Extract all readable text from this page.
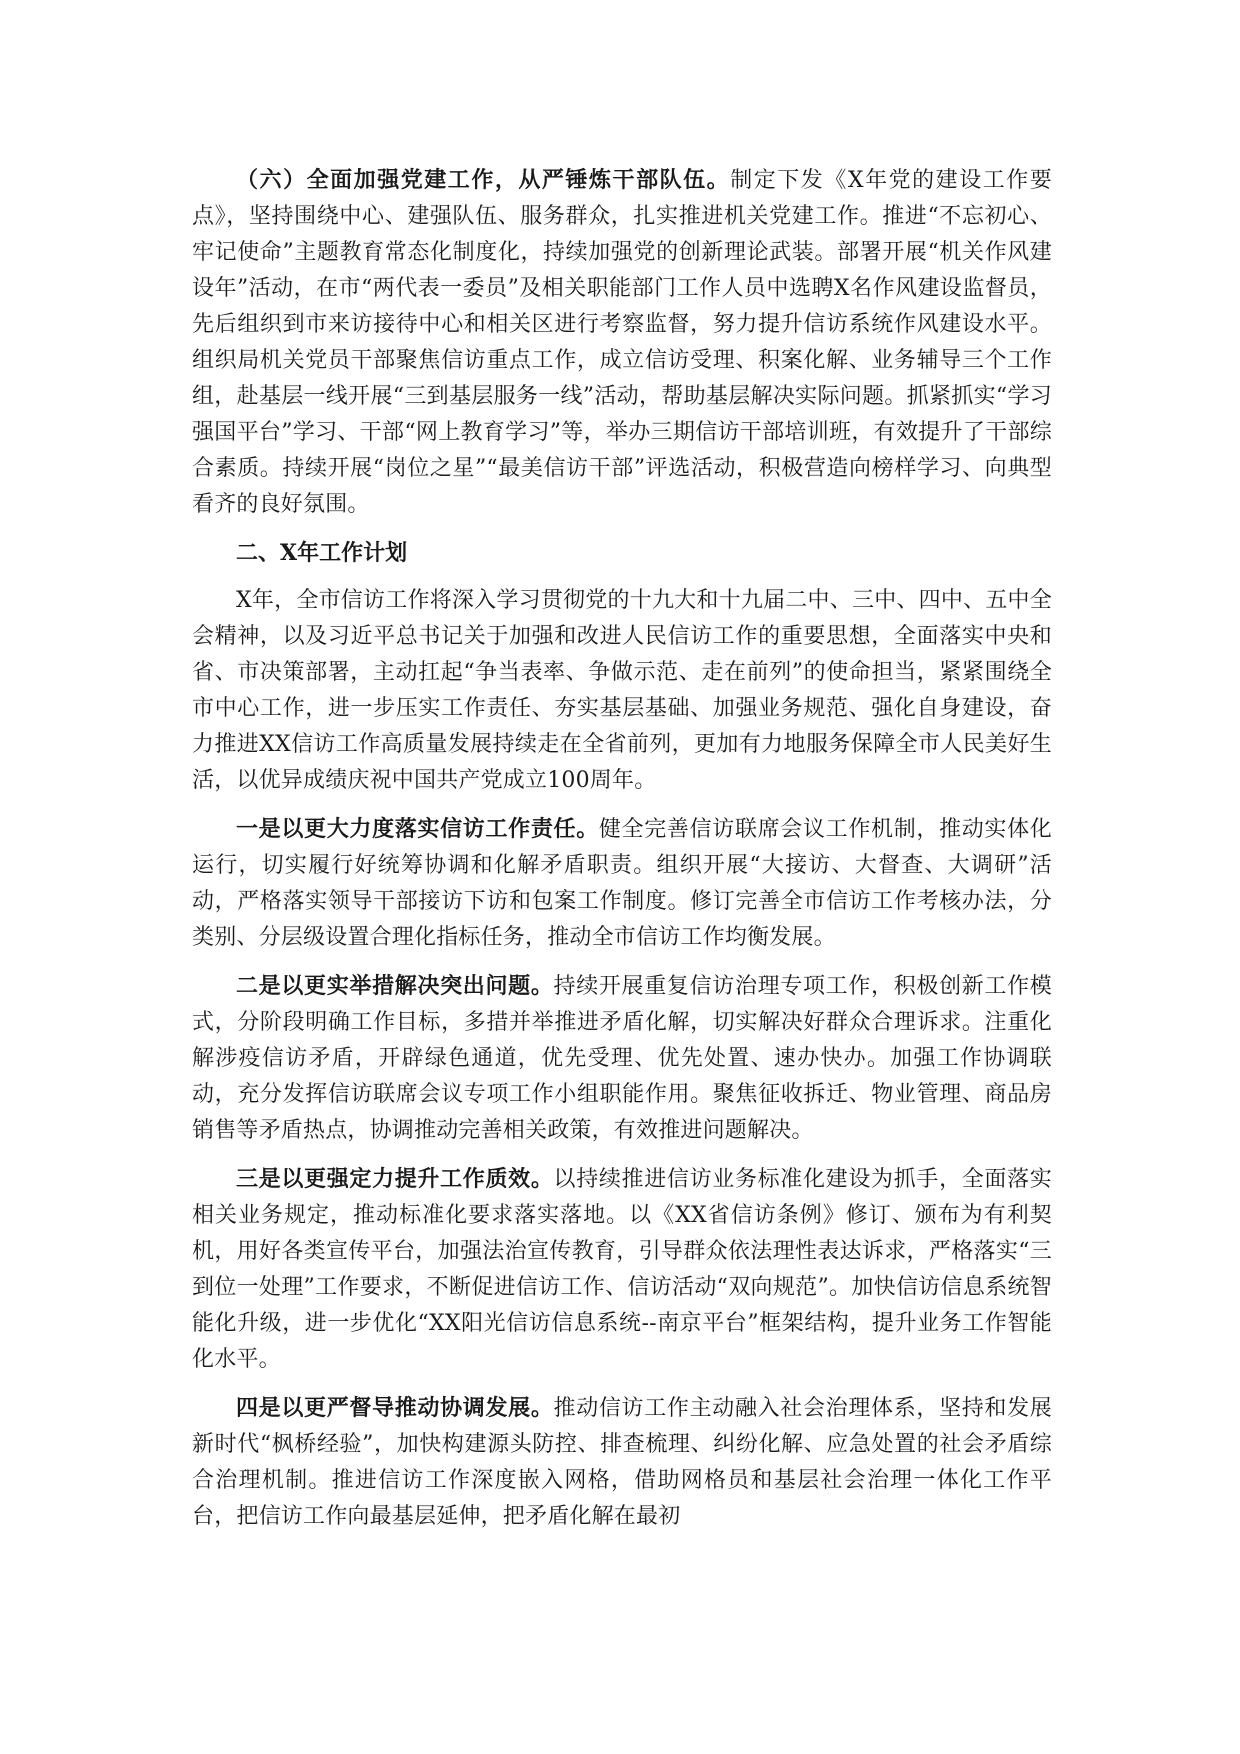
（六）全面加强党建工作，从严锤炼干部队伍。制定下发《X年党的建设工作要点》，坚持围绕中心、建强队伍、服务群众，扎实推进机关党建工作。推进“不忘初心、牢记使命”主题教育常态化制度化，持续加强党的创新理论武装。部署开展“机关作风建设年”活动，在市“两代表一委员”及相关职能部门工作人员中选聘X名作风建设监督员，先后组织到市来访接待中心和相关区进行考察监督，努力提升信访系统作风建设水平。组织局机关党员干部聚焦信访重点工作，成立信访受理、积案化解、业务辅导三个工作组，赴基层一线开展“三到基层服务一线”活动，帮助基层解决实际问题。抓紧抓实“学习强国平台”学习、干部“网上教育学习”等，举办三期信访干部培训班，有效提升了干部综合素质。持续开展“岗位之星”“最美信访干部”评选活动，积极营造向榜样学习、向典型看齐的良好氛围。

二、X年工作计划

X年，全市信访工作将深入学习贯彻党的十九大和十九届二中、三中、四中、五中全会精神，以及习近平总书记关于加强和改进人民信访工作的重要思想，全面落实中央和省、市决策部署，主动扛起“争当表率、争做示范、走在前列”的使命担当，紧紧围绕全市中心工作，进一步压实工作责任、夯实基层基础、加强业务规范、强化自身建设，奋力推进XX信访工作高质量发展持续走在全省前列，更加有力地服务保障全市人民美好生活，以优异成绩庆祝中国共产党成立100周年。

一是以更大力度落实信访工作责任。健全完善信访联席会议工作机制，推动实体化运行，切实履行好统筹协调和化解矛盾职责。组织开展“大接访、大督查、大调研”活动，严格落实领导干部接访下访和包案工作制度。修订完善全市信访工作考核办法，分类别、分层级设置合理化指标任务，推动全市信访工作均衡发展。

二是以更实举措解决突出问题。持续开展重复信访治理专项工作，积极创新工作模式，分阶段明确工作目标，多措并举推进矛盾化解，切实解决好群众合理诉求。注重化解涉疫信访矛盾，开辟绿色通道，优先受理、优先处置、速办快办。加强工作协调联动，充分发挥信访联席会议专项工作小组职能作用。聚焦征收拆迁、物业管理、商品房销售等矛盾热点，协调推动完善相关政策，有效推进问题解决。

三是以更强定力提升工作质效。以持续推进信访业务标准化建设为抓手，全面落实相关业务规定，推动标准化要求落实落地。以《XX省信访条例》修订、颁布为有利契机，用好各类宣传平台，加强法治宣传教育，引导群众依法理性表达诉求，严格落实“三到位一处理”工作要求，不断促进信访工作、信访活动“双向规范”。加快信访信息系统智能化升级，进一步优化“XX阳光信访信息系统--南京平台”框架结构，提升业务工作智能化水平。

四是以更严督导推动协调发展。推动信访工作主动融入社会治理体系，坚持和发展新时代“枫桥经验”，加快构建源头防控、排查梳理、纠纷化解、应急处置的社会矛盾综合治理机制。推进信访工作深度嵌入网格，借助网格员和基层社会治理一体化工作平台，把信访工作向最基层延伸，把矛盾化解在最初
